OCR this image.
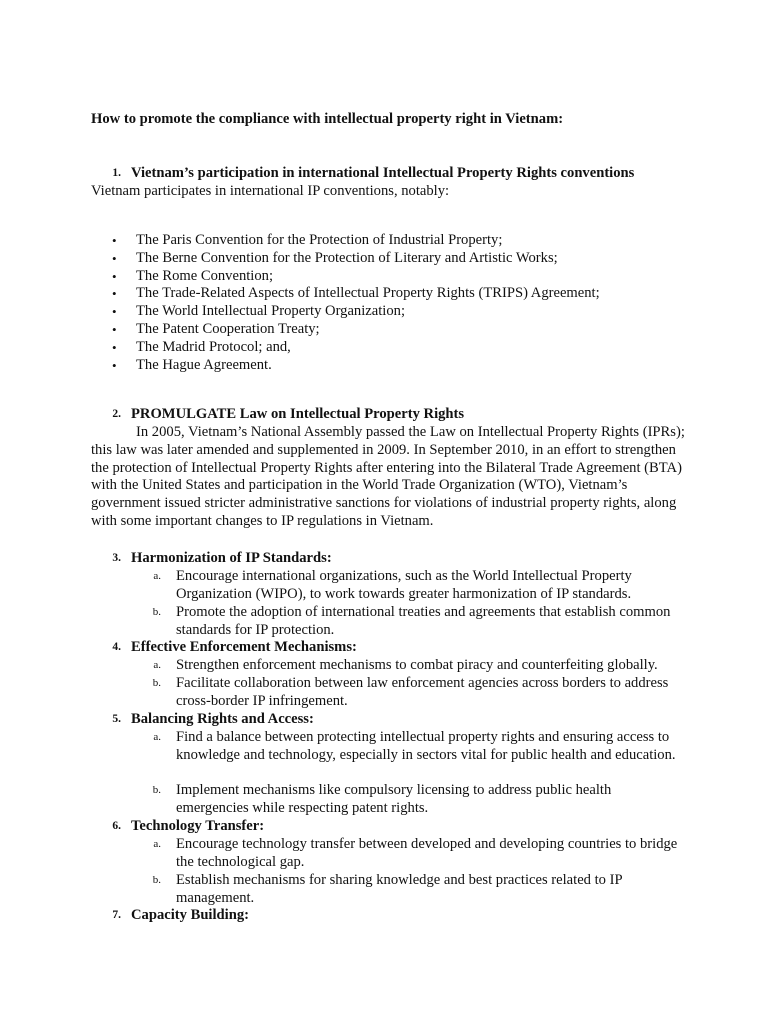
How to promote the compliance with intellectual property right in Vietnam:
1. Vietnam’s participation in international Intellectual Property Rights conventions
Vietnam participates in international IP conventions, notably:
• The Paris Convention for the Protection of Industrial Property;
• The Berne Convention for the Protection of Literary and Artistic Works;
• The Rome Convention;
• The Trade-Related Aspects of Intellectual Property Rights (TRIPS) Agreement;
• The World Intellectual Property Organization;
• The Patent Cooperation Treaty;
• The Madrid Protocol; and,
• The Hague Agreement.
2. PROMULGATE Law on Intellectual Property Rights
In 2005, Vietnam’s National Assembly passed the Law on Intellectual Property Rights (IPRs); this law was later amended and supplemented in 2009. In September 2010, in an effort to strengthen the protection of Intellectual Property Rights after entering into the Bilateral Trade Agreement (BTA) with the United States and participation in the World Trade Organization (WTO), Vietnam’s government issued stricter administrative sanctions for violations of industrial property rights, along with some important changes to IP regulations in Vietnam.
3. Harmonization of IP Standards:
a. Encourage international organizations, such as the World Intellectual Property Organization (WIPO), to work towards greater harmonization of IP standards.
b. Promote the adoption of international treaties and agreements that establish common standards for IP protection.
4. Effective Enforcement Mechanisms:
a. Strengthen enforcement mechanisms to combat piracy and counterfeiting globally.
b. Facilitate collaboration between law enforcement agencies across borders to address cross-border IP infringement.
5. Balancing Rights and Access:
a. Find a balance between protecting intellectual property rights and ensuring access to knowledge and technology, especially in sectors vital for public health and education.
b. Implement mechanisms like compulsory licensing to address public health emergencies while respecting patent rights.
6. Technology Transfer:
a. Encourage technology transfer between developed and developing countries to bridge the technological gap.
b. Establish mechanisms for sharing knowledge and best practices related to IP management.
7. Capacity Building:
